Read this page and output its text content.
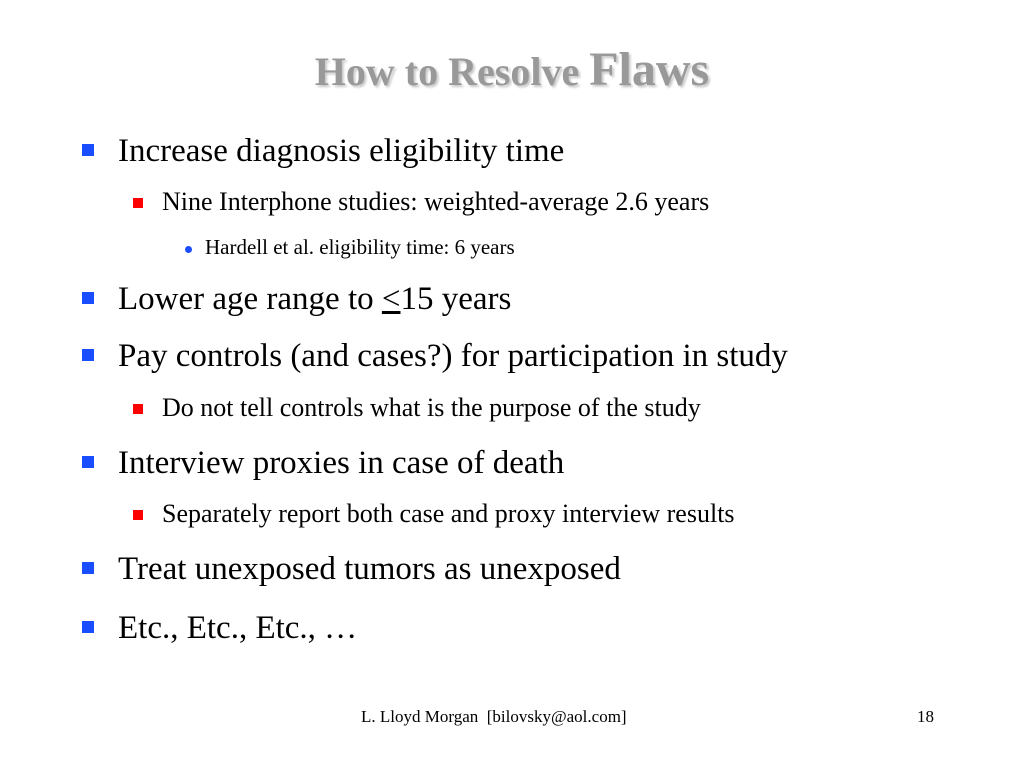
How to Resolve Flaws
Increase diagnosis eligibility time
Nine Interphone studies: weighted-average 2.6 years
Hardell et al. eligibility time: 6 years
Lower age range to ≤15 years
Pay controls (and cases?) for participation in study
Do not tell controls what is the purpose of the study
Interview proxies in case of death
Separately report both case and proxy interview results
Treat unexposed tumors as unexposed
Etc., Etc., Etc., …
L. Lloyd Morgan  [bilovsky@aol.com]	18
